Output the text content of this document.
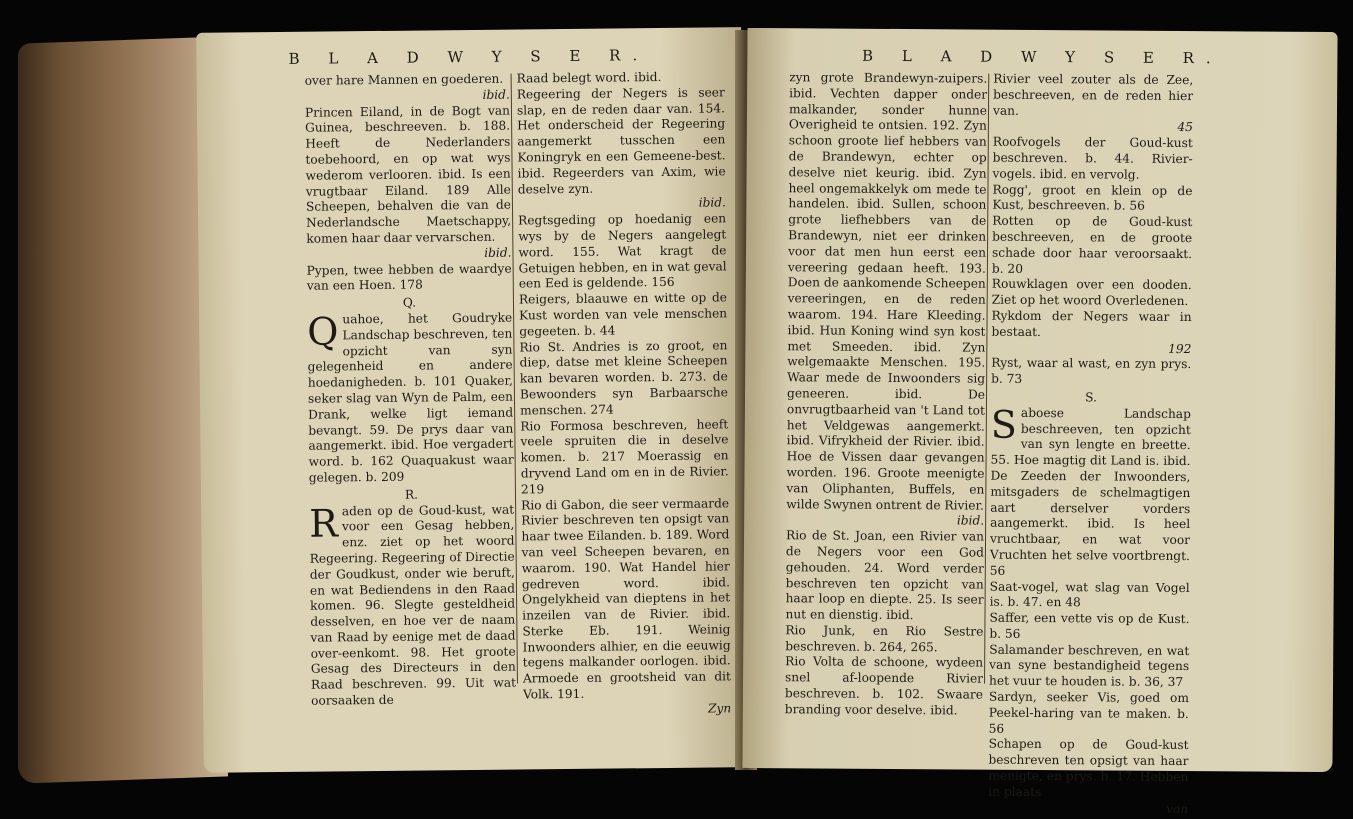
B L A D W Y S E R.

over hare Mannen en goederen.

ibid.

Princen Eiland, in de Bogt van Guinea, beschreeven. b. 188. Heeft de Nederlanders toebehoord, en op wat wys wederom verlooren. ibid. Is een vrugtbaar Eiland. 189 Alle Scheepen, behalven die van de Nederlandsche Maetschappy, komen haar daar vervarschen.

ibid.

Pypen, twee hebben de waardye van een Hoen. 178

Q.

Quahoe, het Goudryke Landschap beschreven, ten opzicht van syn gelegenheid en andere hoedanigheden. b. 101 Quaker, seker slag van Wyn de Palm, een Drank, welke ligt iemand bevangt. 59. De prys daar van aangemerkt. ibid. Hoe vergadert word. b. 162 Quaquakust waar gelegen. b. 209

R.

Raden op de Goud-kust, wat voor een Gesag hebben, enz. ziet op het woord Regeering. Regeering of Directie der Goudkust, onder wie beruft, en wat Bediendens in den Raad komen. 96. Slegte gesteldheid desselven, en hoe ver de naam van Raad by eenige met de daad over-eenkomt. 98. Het groote Gesag des Directeurs in den Raad beschreven. 99. Uit wat oorsaaken de

Raad belegt word. ibid.

Regeering der Negers is seer slap, en de reden daar van. 154. Het onderscheid der Regeering aangemerkt tusschen een Koningryk en een Gemeene-best. ibid. Regeerders van Axim, wie deselve zyn.

ibid.

Regtsgeding op hoedanig een wys by de Negers aangelegt word. 155. Wat kragt de Getuigen hebben, en in wat geval een Eed is geldende. 156

Reigers, blaauwe en witte op de Kust worden van vele menschen gegeeten. b. 44

Rio St. Andries is zo groot, en diep, datse met kleine Scheepen kan bevaren worden. b. 273. de Bewoonders syn Barbaarsche menschen. 274

Rio Formosa beschreven, heeft veele spruiten die in deselve komen. b. 217 Moerassig en dryvend Land om en in de Rivier. 219

Rio di Gabon, die seer vermaarde Rivier beschreven ten opsigt van haar twee Eilanden. b. 189. Word van veel Scheepen bevaren, en waarom. 190. Wat Handel hier gedreven word. ibid. Ongelykheid van dieptens in het inzeilen van de Rivier. ibid. Sterke Eb. 191. Weinig Inwoonders alhier, en die eeuwig tegens malkander oorlogen. ibid. Armoede en grootsheid van dit Volk. 191.

Zyn

B L A D W Y S E R.

zyn grote Brandewyn-zuipers. ibid. Vechten dapper onder malkander, sonder hunne Overigheid te ontsien. 192. Zyn schoon groote lief hebbers van de Brandewyn, echter op deselve niet keurig. ibid. Zyn heel ongemakkelyk om mede te handelen. ibid. Sullen, schoon grote liefhebbers van de Brandewyn, niet eer drinken voor dat men hun eerst een vereering gedaan heeft. 193. Doen de aankomende Scheepen vereeringen, en de reden waarom. 194. Hare Kleeding. ibid. Hun Koning wind syn kost met Smeeden. ibid. Zyn welgemaakte Menschen. 195. Waar mede de Inwoonders sig geneeren. ibid. De onvrugtbaarheid van 't Land tot het Veldgewas aangemerkt. ibid. Vifrykheid der Rivier. ibid. Hoe de Vissen daar gevangen worden. 196. Groote meenigte van Oliphanten, Buffels, en wilde Swynen ontrent de Rivier.

ibid.

Rio de St. Joan, een Rivier van de Negers voor een God gehouden. 24. Word verder beschreven ten opzicht van haar loop en diepte. 25. Is seer nut en dienstig. ibid.

Rio Junk, en Rio Sestre beschreven. b. 264, 265.

Rio Volta de schoone, wydeen snel af-loopende Rivier beschreven. b. 102. Swaare branding voor deselve. ibid.

Rivier veel zouter als de Zee, beschreeven, en de reden hier van.

45

Roofvogels der Goud-kust beschreven. b. 44. Rivier-vogels. ibid. en vervolg.

Rogg', groot en klein op de Kust, beschreeven. b. 56

Rotten op de Goud-kust beschreeven, en de groote schade door haar veroorsaakt. b. 20

Rouwklagen over een dooden. Ziet op het woord Overledenen.

Rykdom der Negers waar in bestaat.

192

Ryst, waar al wast, en zyn prys. b. 73

S.

Saboese Landschap beschreeven, ten opzicht van syn lengte en breette. 55. Hoe magtig dit Land is. ibid. De Zeeden der Inwoonders, mitsgaders de schelmagtigen aart derselver vorders aangemerkt. ibid. Is heel vruchtbaar, en wat voor Vruchten het selve voortbrengt. 56

Saat-vogel, wat slag van Vogel is. b. 47. en 48

Saffer, een vette vis op de Kust. b. 56

Salamander beschreven, en wat van syne bestandigheid tegens het vuur te houden is. b. 36, 37

Sardyn, seeker Vis, goed om Peekel-haring van te maken. b. 56

Schapen op de Goud-kust beschreven ten opsigt van haar menigte, en prys. b. 17. Hebben in plaats

van
